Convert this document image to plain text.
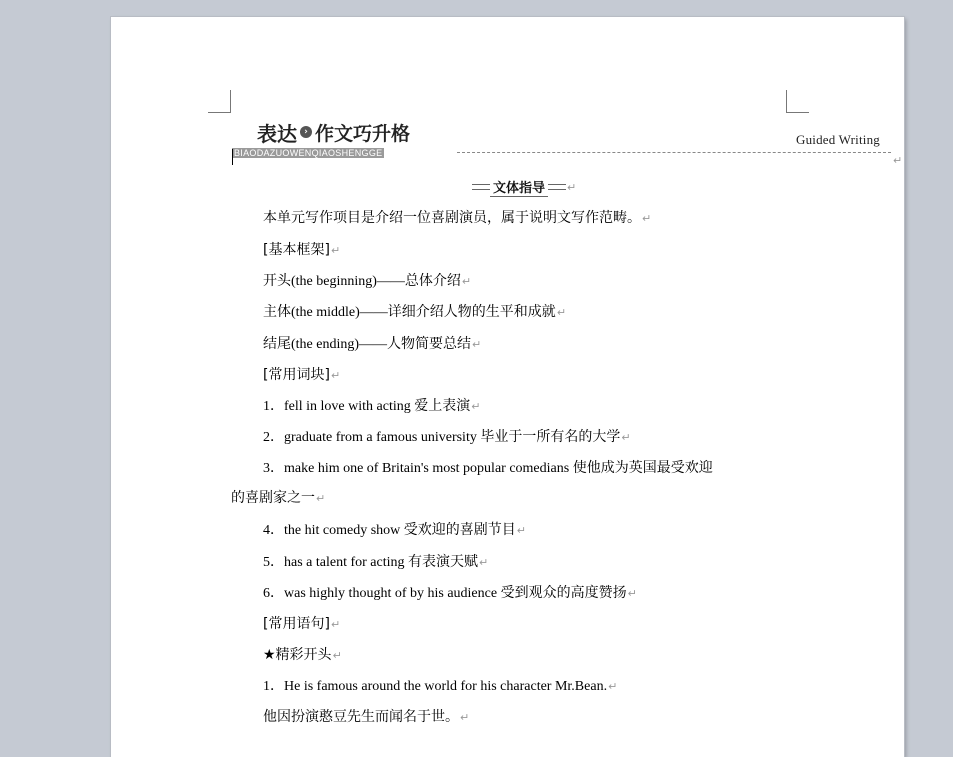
表达 › 作文巧升格
BIAODAZUOWENQIAOSHENGGE
Guided Writing
↵
文体指导 ↵
本单元写作项目是介绍一位喜剧演员，属于说明文写作范畴。↵
[基本框架]↵
开头(the beginning)——总体介绍↵
主体(the middle)——详细介绍人物的生平和成就↵
结尾(the ending)——人物简要总结↵
[常用词块]↵
1．fell in love with acting 爱上表演↵
2．graduate from a famous university 毕业于一所有名的大学↵
3．make him one of Britain's most popular comedians 使他成为英国最受欢迎
的喜剧家之一↵
4．the hit comedy show 受欢迎的喜剧节目↵
5．has a talent for acting 有表演天赋↵
6．was highly thought of by his audience 受到观众的高度赞扬↵
[常用语句]↵
★精彩开头↵
1．He is famous around the world for his character Mr.Bean.↵
他因扮演憨豆先生而闻名于世。↵
